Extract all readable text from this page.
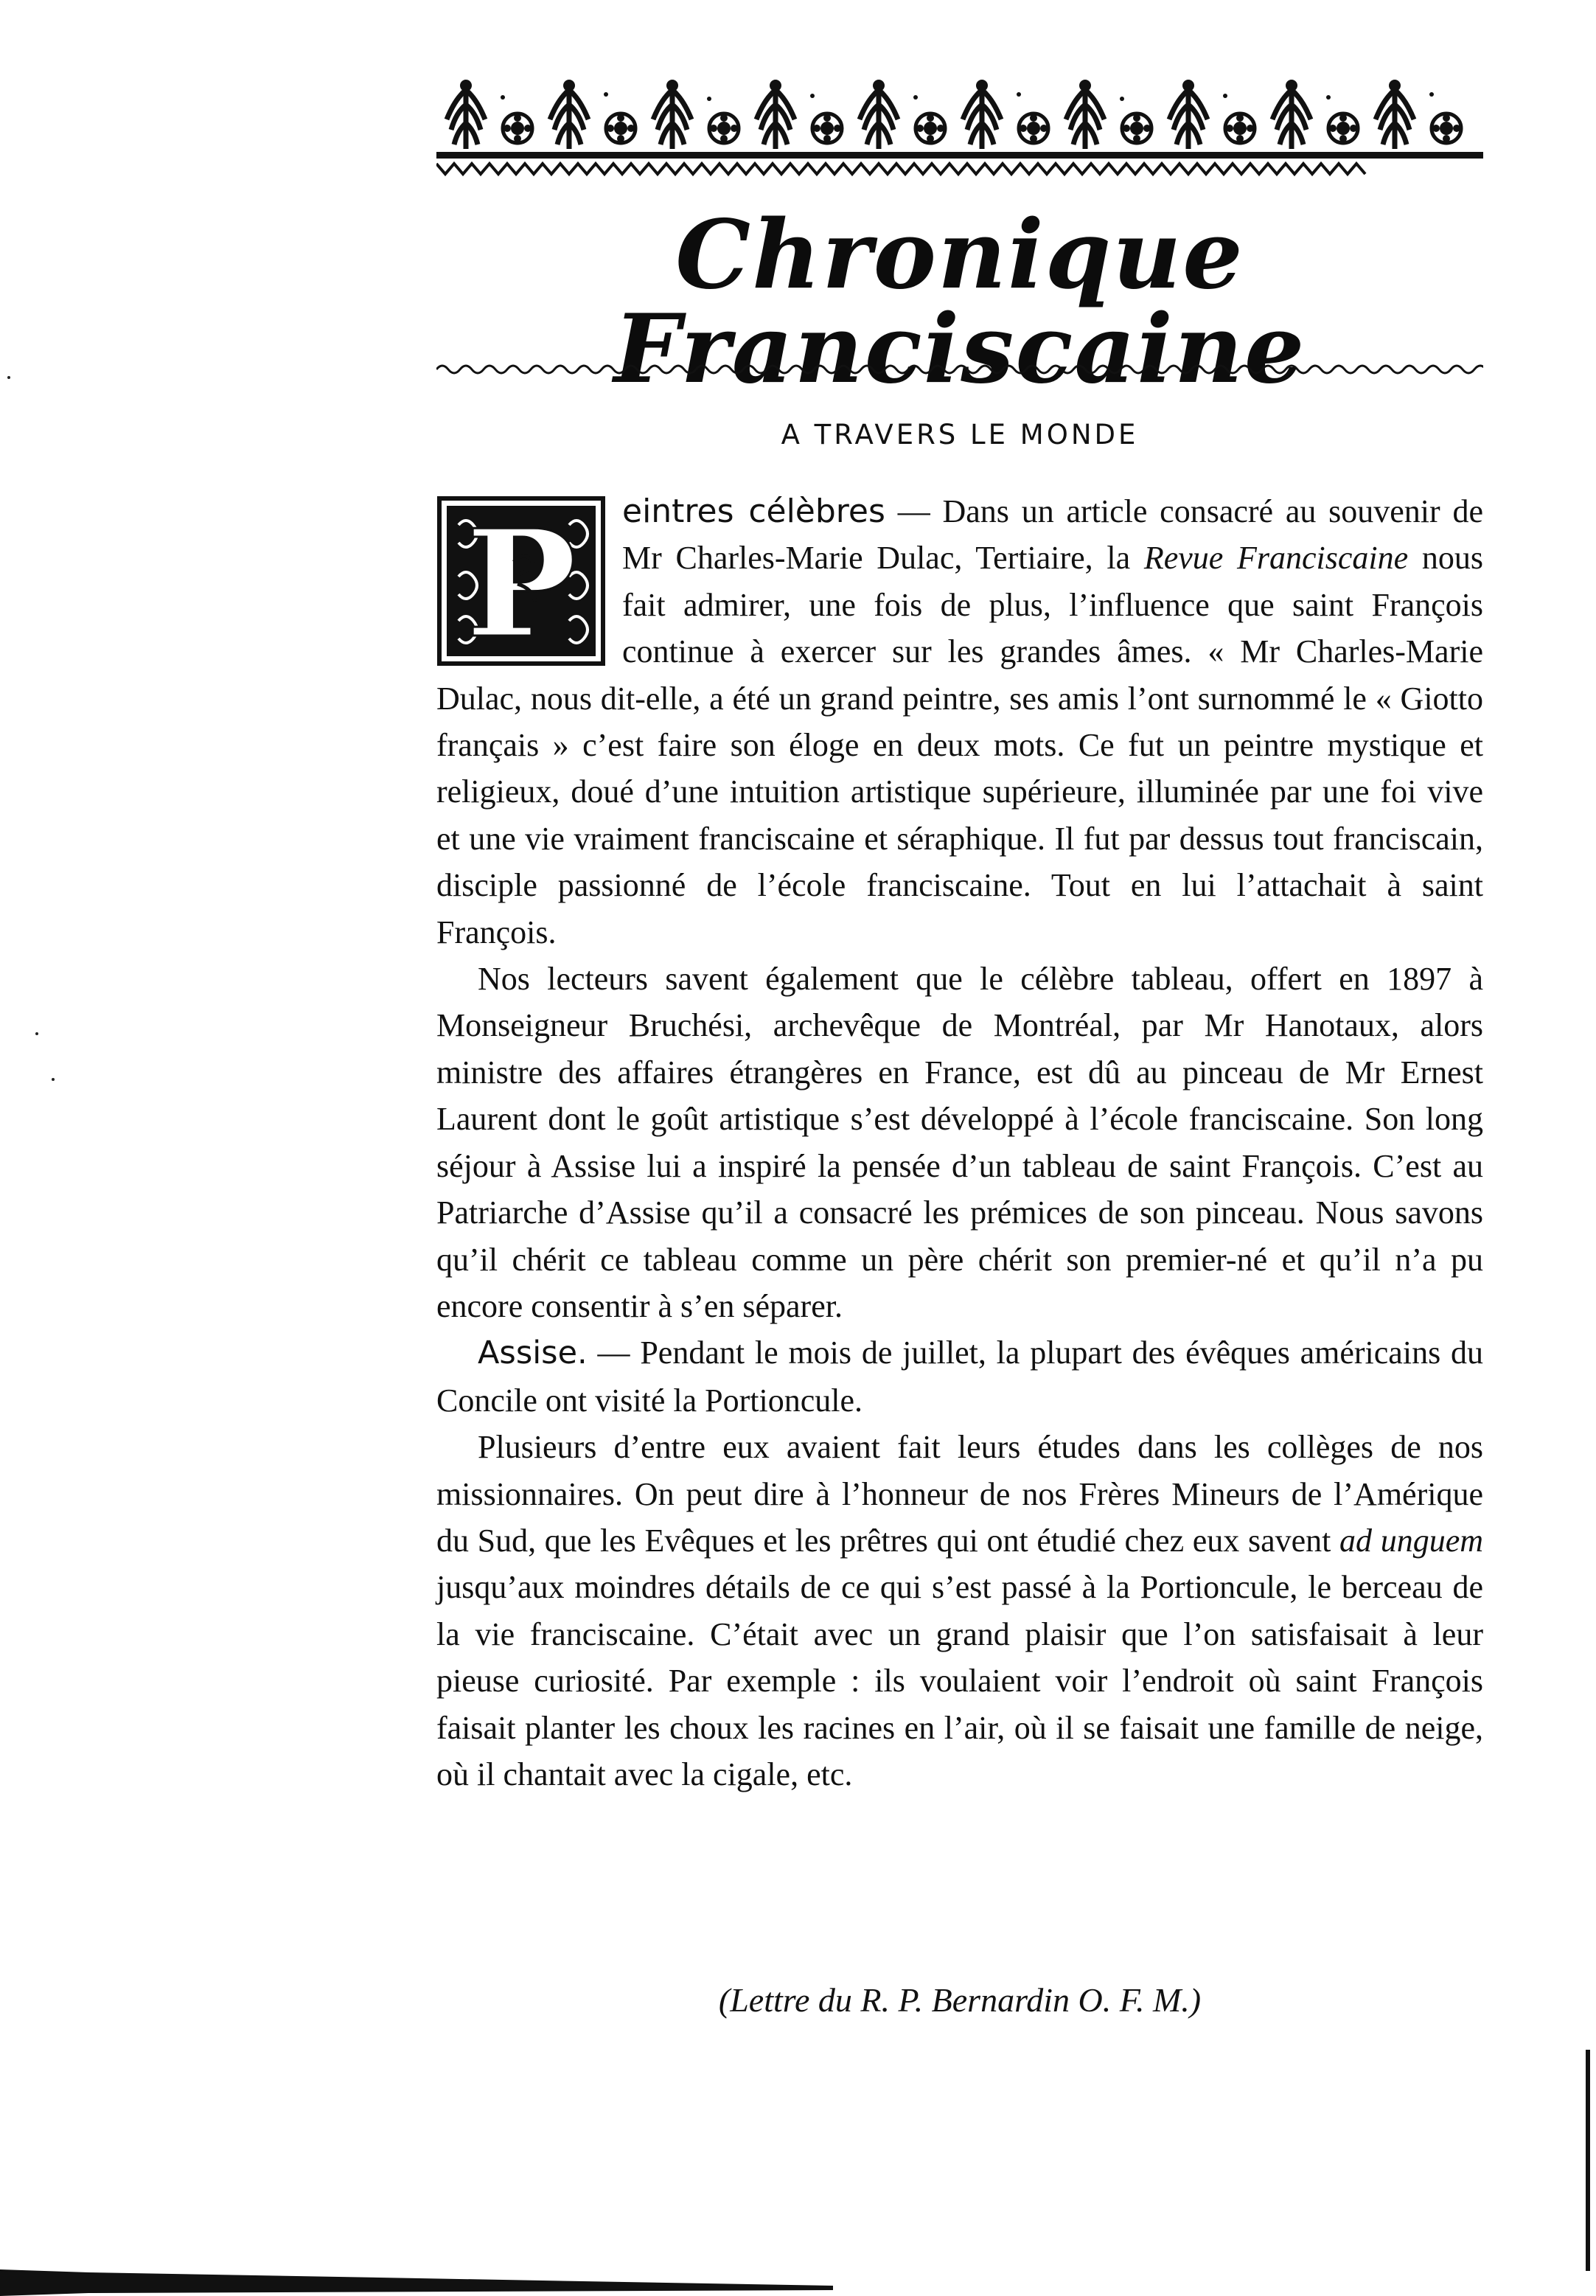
Chronique Franciscaine
A TRAVERS LE MONDE
P	eintres célèbres — Dans un article consacré au souvenir de Mr Charles-Marie Dulac, Tertiaire, la Revue Franciscaine nous fait admirer, une fois de plus, l’influence que saint François continue à exercer sur les grandes âmes. « Mr Charles-Marie Dulac, nous dit-elle, a été un grand peintre, ses amis l’ont surnommé le « Giotto français » c’est faire son éloge en deux mots. Ce fut un peintre mystique et religieux, doué d’une intuition artistique supérieure, illuminée par une foi vive et une vie vraiment franciscaine et séraphique. Il fut par dessus tout franciscain, disciple passionné de l’école franciscaine. Tout en lui l’attachait à saint François.

Nos lecteurs savent également que le célèbre tableau, offert en 1897 à Monseigneur Bruchési, archevêque de Montréal, par Mr Hanotaux, alors ministre des affaires étrangères en France, est dû au pinceau de Mr Ernest Laurent dont le goût artistique s’est développé à l’école franciscaine. Son long séjour à Assise lui a inspiré la pensée d’un tableau de saint François. C’est au Patriarche d’Assise qu’il a consacré les prémices de son pinceau. Nous savons qu’il chérit ce tableau comme un père chérit son premier-né et qu’il n’a pu encore consentir à s’en séparer.

Assise. — Pendant le mois de juillet, la plupart des évêques américains du Concile ont visité la Portioncule.

Plusieurs d’entre eux avaient fait leurs études dans les collèges de nos missionnaires. On peut dire à l’honneur de nos Frères Mineurs de l’Amérique du Sud, que les Evêques et les prêtres qui ont étudié chez eux savent ad unguem jusqu’aux moindres détails de ce qui s’est passé à la Portioncule, le berceau de la vie franciscaine. C’était avec un grand plaisir que l’on satisfaisait à leur pieuse curiosité. Par exemple : ils voulaient voir l’endroit où saint François faisait planter les choux les racines en l’air, où il se faisait une famille de neige, où il chantait avec la cigale, etc.

(Lettre du R. P. Bernardin O. F. M.)
